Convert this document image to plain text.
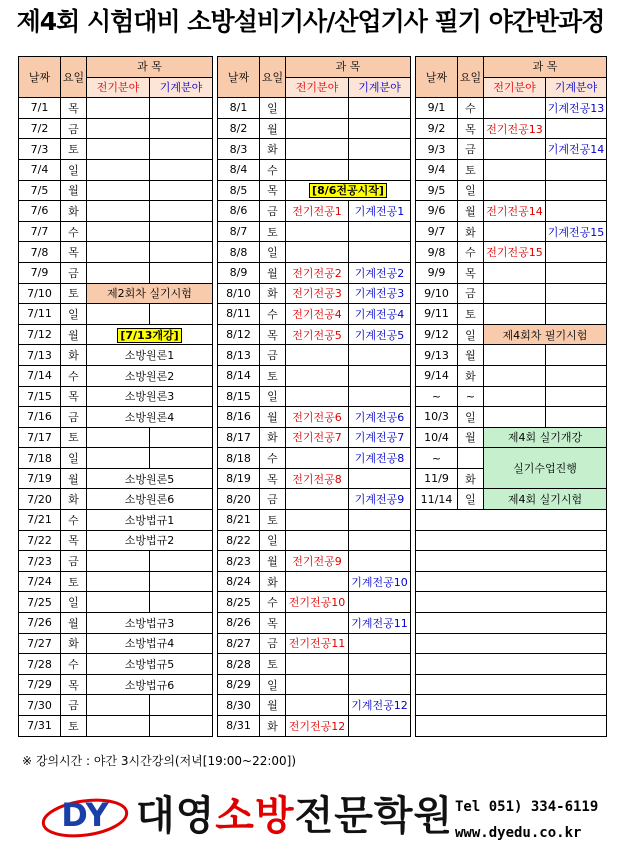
제4회 시험대비 소방설비기사/산업기사 필기 야간반과정
날짜	요일	과 목	
		전기분야	기계분야
7/1	목		
7/2	금		
7/3	토		
7/4	일		
7/5	월		
7/6	화		
7/7	수		
7/8	목		
7/9	금		
7/10	토	제2회차 실기시험	
7/11	일		
7/12	월	[7/13개강]	
7/13	화	소방원론1	
7/14	수	소방원론2	
7/15	목	소방원론3	
7/16	금	소방원론4	
7/17	토		
7/18	일		
7/19	월	소방원론5	
7/20	화	소방원론6	
7/21	수	소방법규1	
7/22	목	소방법규2	
7/23	금		
7/24	토		
7/25	일		
7/26	월	소방법규3	
7/27	화	소방법규4	
7/28	수	소방법규5	
7/29	목	소방법규6	
7/30	금		
7/31	토		
날짜	요일	과 목	
		전기분야	기계분야
8/1	일		
8/2	월		
8/3	화		
8/4	수		
8/5	목	[8/6전공시작]	
8/6	금	전기전공1	기계전공1
8/7	토		
8/8	일		
8/9	월	전기전공2	기계전공2
8/10	화	전기전공3	기계전공3
8/11	수	전기전공4	기계전공4
8/12	목	전기전공5	기계전공5
8/13	금		
8/14	토		
8/15	일		
8/16	월	전기전공6	기계전공6
8/17	화	전기전공7	기계전공7
8/18	수		기계전공8
8/19	목	전기전공8	
8/20	금		기계전공9
8/21	토		
8/22	일		
8/23	월	전기전공9	
8/24	화		기계전공10
8/25	수	전기전공10	
8/26	목		기계전공11
8/27	금	전기전공11	
8/28	토		
8/29	일		
8/30	월		기계전공12
8/31	화	전기전공12	
날짜	요일	과 목	
		전기분야	기계분야
9/1	수		기계전공13
9/2	목	전기전공13	
9/3	금		기계전공14
9/4	토		
9/5	일		
9/6	월	전기전공14	
9/7	화		기계전공15
9/8	수	전기전공15	
9/9	목		
9/10	금		
9/11	토		
9/12	일	제4회차 필기시험	
9/13	월		
9/14	화		
~	~		
10/3	일		
10/4	월	제4회 실기개강	
~		실기수업진행	
11/9	화		
11/14	일	제4회 실기시험	

※ 강의시간 : 야간 3시간강의(저녁[19:00~22:00])
DY 대영소방전문학원 Tel 051) 334-6119
www.dyedu.co.kr
